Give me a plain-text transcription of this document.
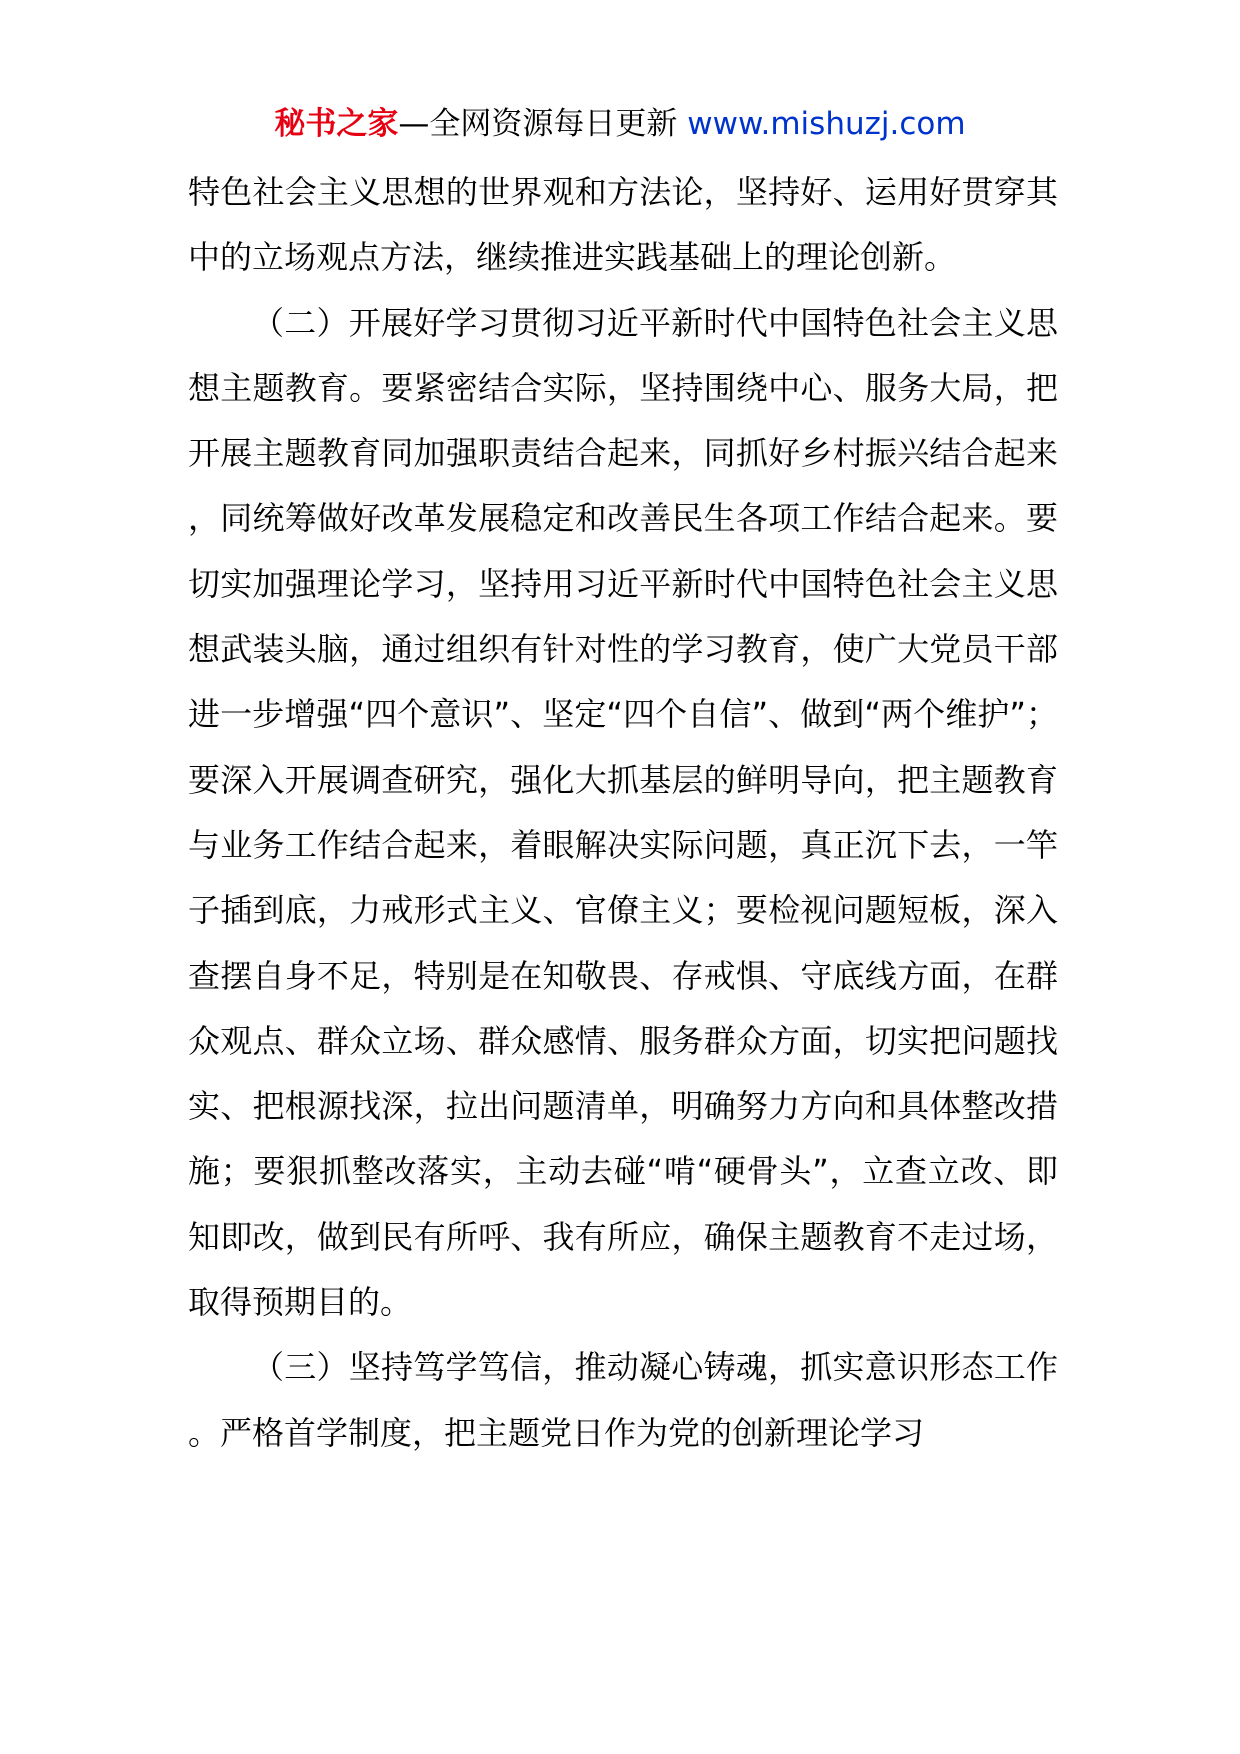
秘书之家—全网资源每日更新 www.mishuzj.com

特色社会主义思想的世界观和方法论，坚持好、运用好贯穿其中的立场观点方法，继续推进实践基础上的理论创新。

（二）开展好学习贯彻习近平新时代中国特色社会主义思想主题教育。要紧密结合实际，坚持围绕中心、服务大局，把开展主题教育同加强职责结合起来，同抓好乡村振兴结合起来，同统筹做好改革发展稳定和改善民生各项工作结合起来。要切实加强理论学习，坚持用习近平新时代中国特色社会主义思想武装头脑，通过组织有针对性的学习教育，使广大党员干部进一步增强“四个意识”、坚定“四个自信”、做到“两个维护”；要深入开展调查研究，强化大抓基层的鲜明导向，把主题教育与业务工作结合起来，着眼解决实际问题，真正沉下去，一竿子插到底，力戒形式主义、官僚主义；要检视问题短板，深入查摆自身不足，特别是在知敬畏、存戒惧、守底线方面，在群众观点、群众立场、群众感情、服务群众方面，切实把问题找实、把根源找深，拉出问题清单，明确努力方向和具体整改措施；要狠抓整改落实，主动去碰“啃“硬骨头”，立查立改、即知即改，做到民有所呼、我有所应，确保主题教育不走过场，取得预期目的。

（三）坚持笃学笃信，推动凝心铸魂，抓实意识形态工作。严格首学制度，把主题党日作为党的创新理论学习
